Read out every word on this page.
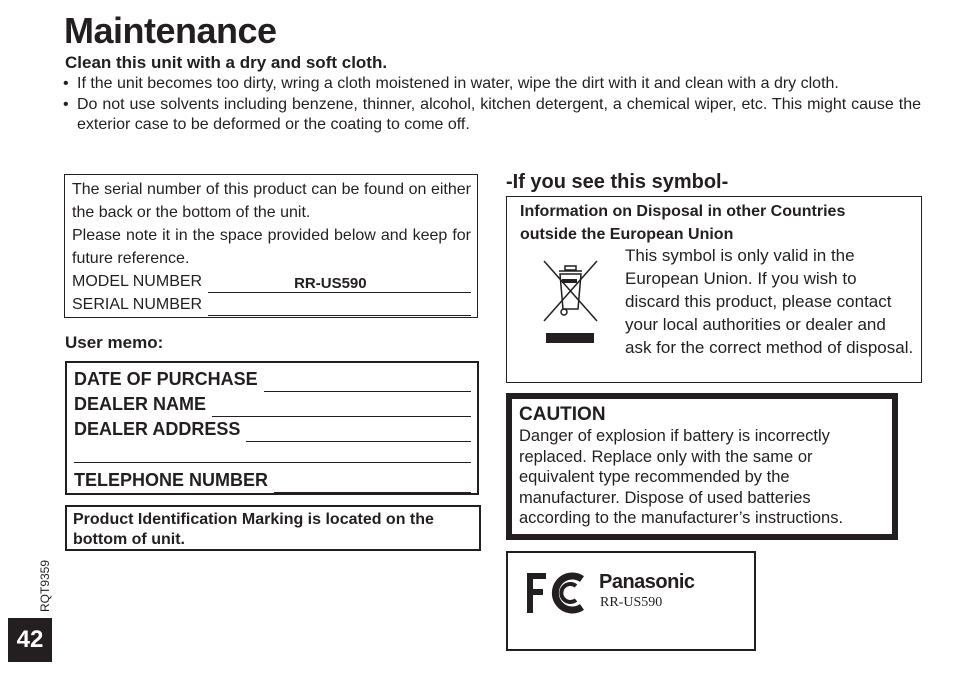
Maintenance
Clean this unit with a dry and soft cloth.
• If the unit becomes too dirty, wring a cloth moistened in water, wipe the dirt with it and clean with a dry cloth.
• Do not use solvents including benzene, thinner, alcohol, kitchen detergent, a chemical wiper, etc. This might cause the exterior case to be deformed or the coating to come off.

The serial number of this product can be found on either the back or the bottom of the unit.

Please note it in the space provided below and keep for future reference.

MODEL NUMBER	RR-US590
SERIAL NUMBER
User memo:
DATE OF PURCHASE
DEALER NAME
DEALER ADDRESS
TELEPHONE NUMBER
Product Identification Marking is located on the bottom of unit.
-If you see this symbol-
Information on Disposal in other Countries
outside the European Union
This symbol is only valid in the European Union. If you wish to discard this product, please contact your local authorities or dealer and ask for the correct method of disposal.
CAUTION
Danger of explosion if battery is incorrectly replaced. Replace only with the same or equivalent type recommended by the manufacturer. Dispose of used batteries according to the manufacturer’s instructions.
Panasonic
RR-US590
RQT9359
42
